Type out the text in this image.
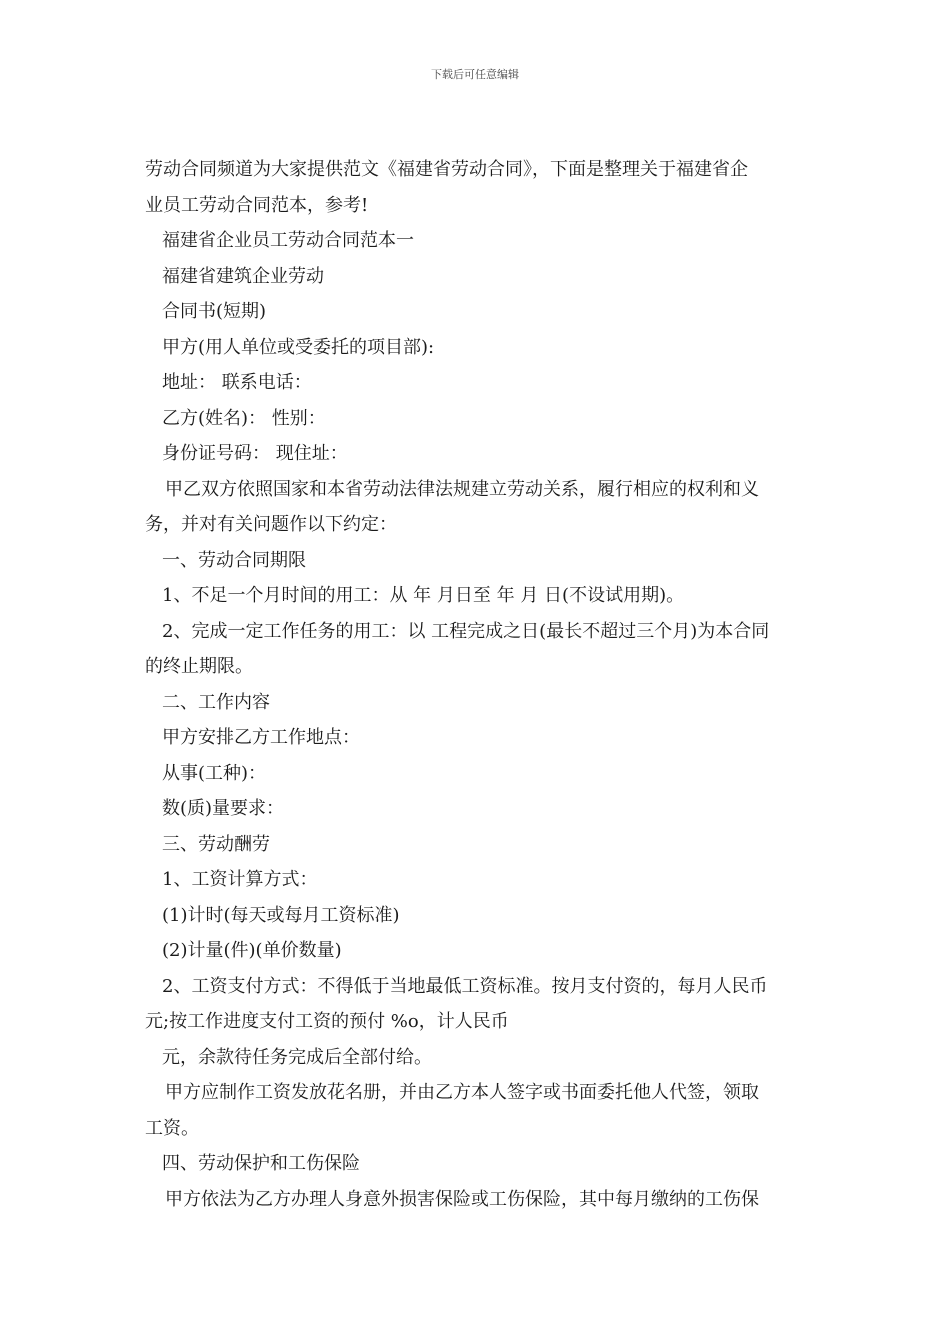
下载后可任意编辑
劳动合同频道为大家提供范文《福建省劳动合同》，下面是整理关于福建省企
业员工劳动合同范本，参考!
福建省企业员工劳动合同范本一
福建省建筑企业劳动
合同书(短期)
甲方(用人单位或受委托的项目部):
地址： 联系电话：
乙方(姓名)： 性别：
身份证号码： 现住址：
甲乙双方依照国家和本省劳动法律法规建立劳动关系，履行相应的权利和义
务，并对有关问题作以下约定：
一、劳动合同期限
1、不足一个月时间的用工：从 年 月日至 年 月 日(不设试用期)。
2、完成一定工作任务的用工：以 工程完成之日(最长不超过三个月)为本合同
的终止期限。
二、工作内容
甲方安排乙方工作地点：
从事(工种)：
数(质)量要求：
三、劳动酬劳
1、工资计算方式：
(1)计时(每天或每月工资标准)
(2)计量(件)(单价数量)
2、工资支付方式：不得低于当地最低工资标准。按月支付资的，每月人民币
元;按工作进度支付工资的预付 %o，计人民币
元，余款待任务完成后全部付给。
甲方应制作工资发放花名册，并由乙方本人签字或书面委托他人代签，领取
工资。
四、劳动保护和工伤保险
甲方依法为乙方办理人身意外损害保险或工伤保险，其中每月缴纳的工伤保
